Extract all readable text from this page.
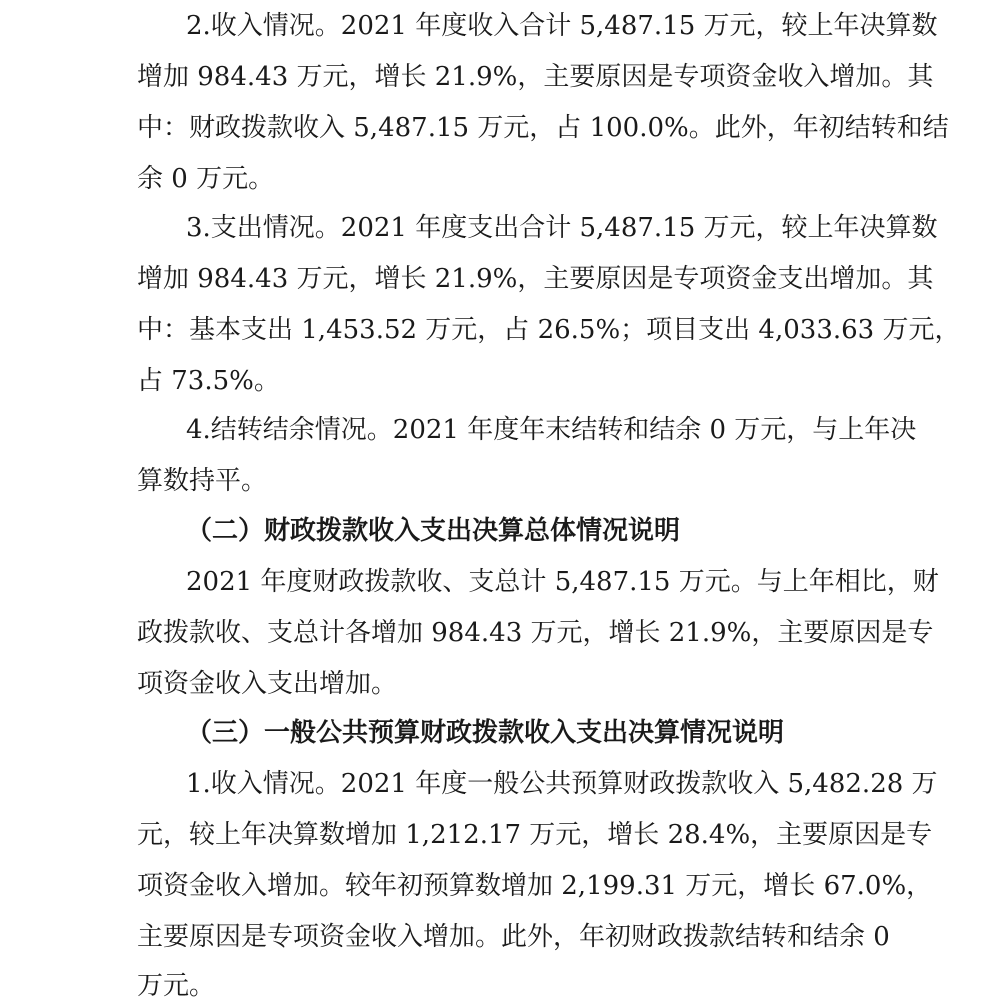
2.收入情况。2021 年度收入合计 5,487.15 万元，较上年决算数
增加 984.43 万元，增长 21.9%，主要原因是专项资金收入增加。其
中：财政拨款收入 5,487.15 万元，占 100.0%。此外，年初结转和结
余 0 万元。
3.支出情况。2021 年度支出合计 5,487.15 万元，较上年决算数
增加 984.43 万元，增长 21.9%，主要原因是专项资金支出增加。其
中：基本支出 1,453.52 万元，占 26.5%；项目支出 4,033.63 万元，
占 73.5%。
4.结转结余情况。2021 年度年末结转和结余 0 万元，与上年决
算数持平。
（二）财政拨款收入支出决算总体情况说明
2021 年度财政拨款收、支总计 5,487.15 万元。与上年相比，财
政拨款收、支总计各增加 984.43 万元，增长 21.9%，主要原因是专
项资金收入支出增加。
（三）一般公共预算财政拨款收入支出决算情况说明
1.收入情况。2021 年度一般公共预算财政拨款收入 5,482.28 万
元，较上年决算数增加 1,212.17 万元，增长 28.4%，主要原因是专
项资金收入增加。较年初预算数增加 2,199.31 万元，增长 67.0%，
主要原因是专项资金收入增加。此外，年初财政拨款结转和结余 0
万元。
